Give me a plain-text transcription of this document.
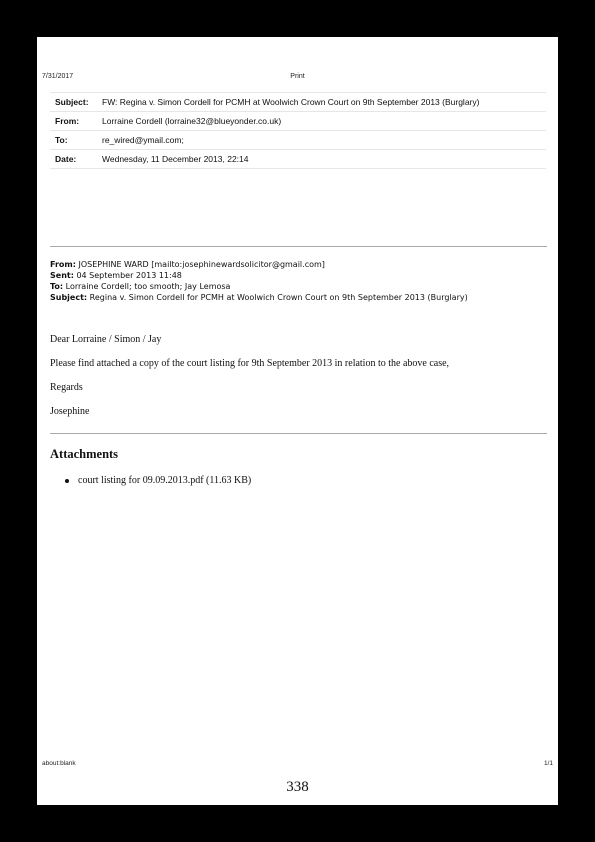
7/31/2017	Print
Subject:	FW: Regina v. Simon Cordell for PCMH at Woolwich Crown Court on 9th September 2013 (Burglary)
From:	Lorraine Cordell (lorraine32@blueyonder.co.uk)
To:	re_wired@ymail.com;
Date:	Wednesday, 11 December 2013, 22:14
From: JOSEPHINE WARD [mailto:josephinewardsolicitor@gmail.com]
Sent: 04 September 2013 11:48
To: Lorraine Cordell; too smooth; Jay Lemosa
Subject: Regina v. Simon Cordell for PCMH at Woolwich Crown Court on 9th September 2013 (Burglary)
Dear Lorraine / Simon / Jay
Please find attached a copy of the court listing for 9th September 2013 in relation to the above case,
Regards
Josephine
Attachments
court listing for 09.09.2013.pdf (11.63 KB)
about:blank	1/1
338
